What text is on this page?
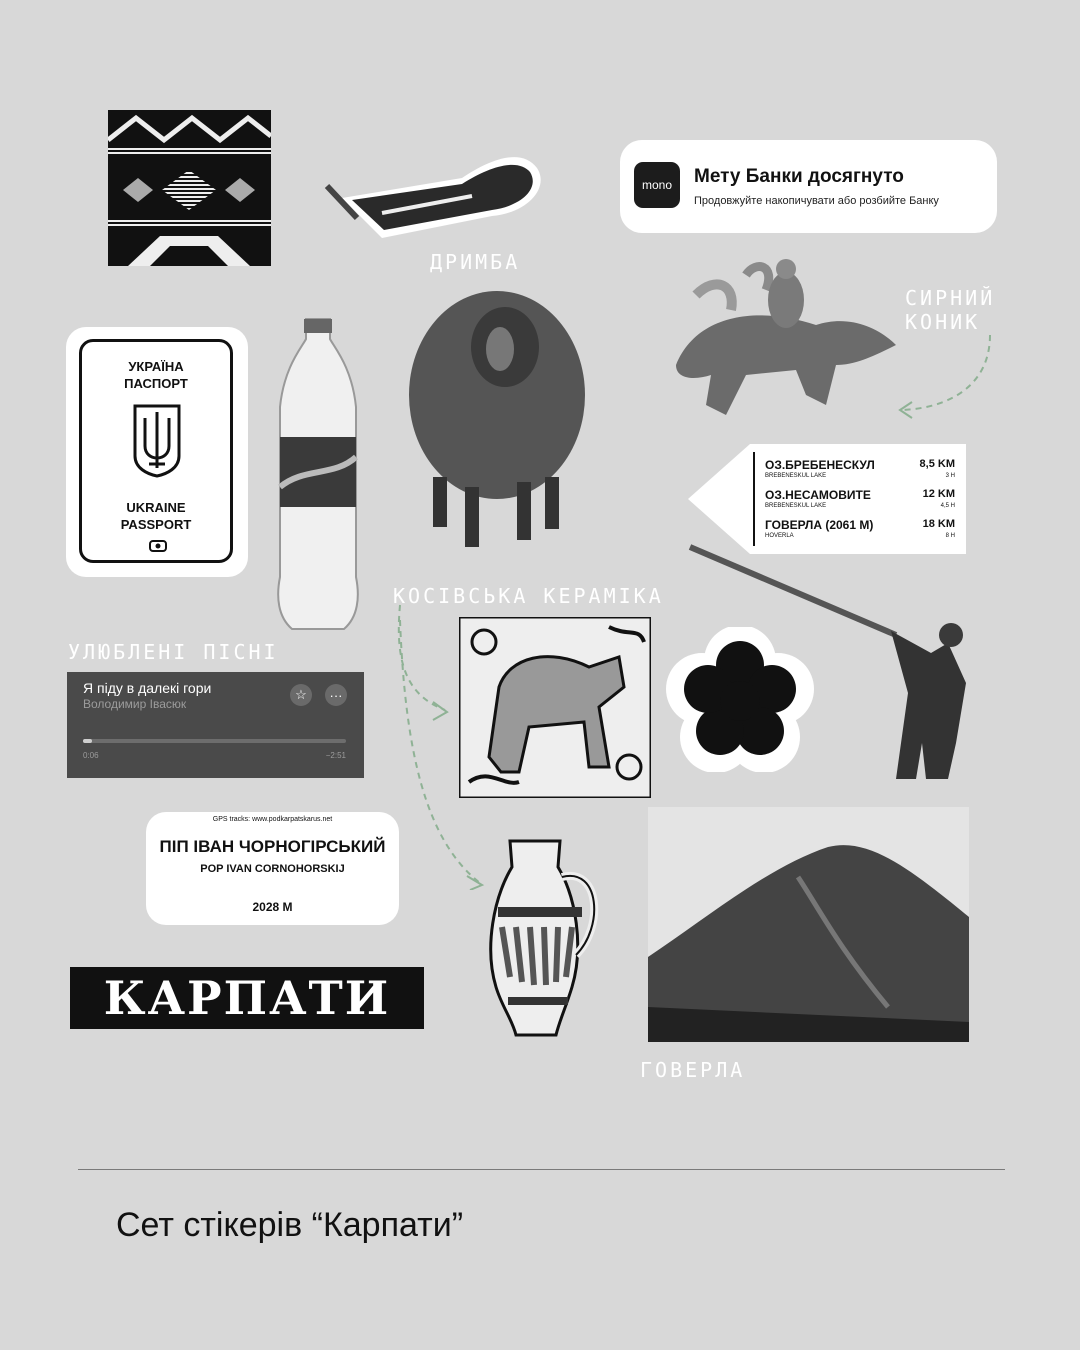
ДРИМБА
mono	Мету Банки досягнуто
Продовжуйте накопичувати або розбийте Банку
СИРНИЙ
КОНИК
УКРАЇНА
ПАСПОРТ
UKRAINE
PASSPORT
ОЗ.БРЕБЕНЕСКУЛ
BREBENESKUL LAKE
8,5 KM
3 H
ОЗ.НЕСАМОВИТЕ
BREBENESKUL LAKE
12 KM
4,5 H
ГОВЕРЛА (2061 М)
HOVERLA
18 KM
8 H
КОСІВСЬКА КЕРАМІКА
УЛЮБЛЕНІ ПІСНІ
Я піду в далекі гори
Володимир Івасюк
☆	···
0:06	−2:51
GPS tracks: www.podkarpatskarus.net
ПІП ІВАН ЧОРНОГІРСЬКИЙ
POP IVAN CORNOHORSKIJ
2028 М
ГОВЕРЛА
КАРПАТИ
Сет стікерів “Карпати”
